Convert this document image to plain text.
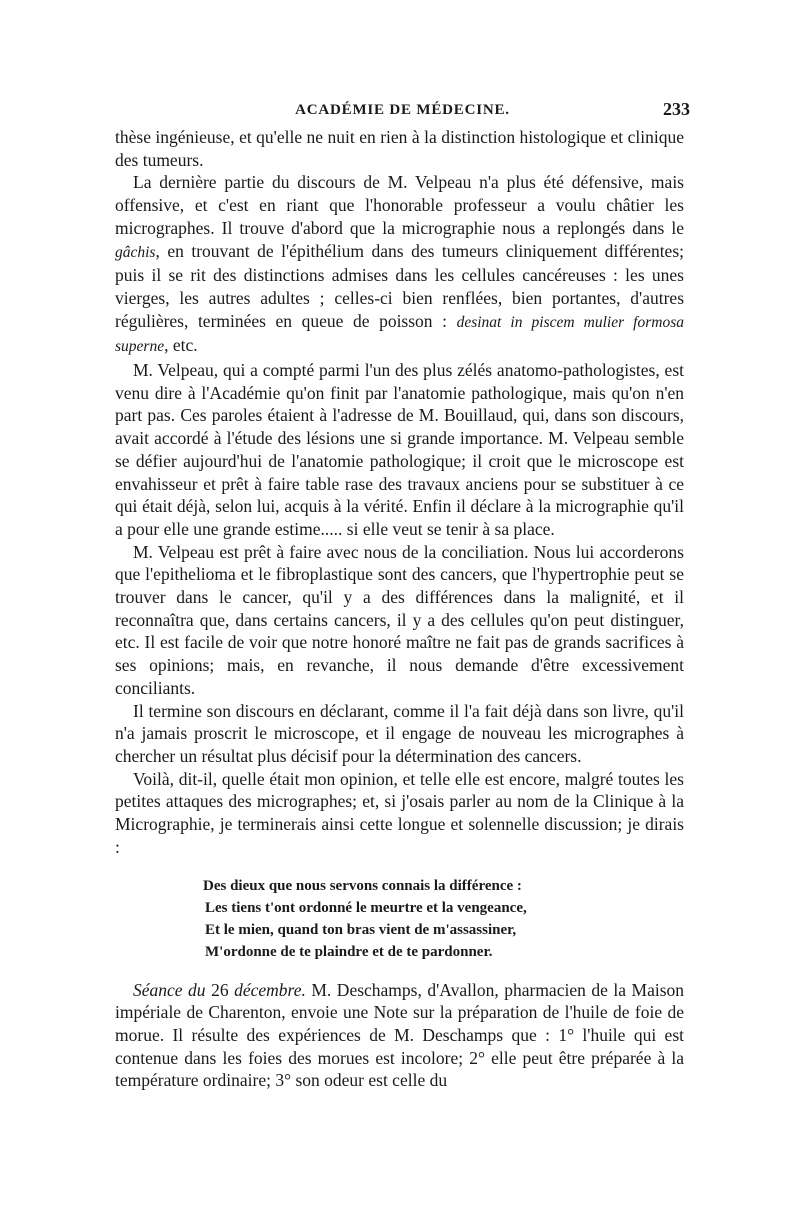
ACADÉMIE DE MÉDECINE.	233

thèse ingénieuse, et qu'elle ne nuit en rien à la distinction histologique et clinique des tumeurs.

La dernière partie du discours de M. Velpeau n'a plus été défensive, mais offensive, et c'est en riant que l'honorable professeur a voulu châtier les micrographes. Il trouve d'abord que la micrographie nous a replongés dans le gâchis, en trouvant de l'épithélium dans des tumeurs cliniquement différentes; puis il se rit des distinctions admises dans les cellules cancéreuses : les unes vierges, les autres adultes ; celles-ci bien renflées, bien portantes, d'autres régulières, terminées en queue de poisson : desinat in piscem mulier formosa superne, etc.

M. Velpeau, qui a compté parmi l'un des plus zélés anatomo-pathologistes, est venu dire à l'Académie qu'on finit par l'anatomie pathologique, mais qu'on n'en part pas. Ces paroles étaient à l'adresse de M. Bouillaud, qui, dans son discours, avait accordé à l'étude des lésions une si grande importance. M. Velpeau semble se défier aujourd'hui de l'anatomie pathologique; il croit que le microscope est envahisseur et prêt à faire table rase des travaux anciens pour se substituer à ce qui était déjà, selon lui, acquis à la vérité. Enfin il déclare à la micrographie qu'il a pour elle une grande estime..... si elle veut se tenir à sa place.

M. Velpeau est prêt à faire avec nous de la conciliation. Nous lui accorderons que l'epithelioma et le fibroplastique sont des cancers, que l'hypertrophie peut se trouver dans le cancer, qu'il y a des différences dans la malignité, et il reconnaîtra que, dans certains cancers, il y a des cellules qu'on peut distinguer, etc. Il est facile de voir que notre honoré maître ne fait pas de grands sacrifices à ses opinions; mais, en revanche, il nous demande d'être excessivement conciliants.

Il termine son discours en déclarant, comme il l'a fait déjà dans son livre, qu'il n'a jamais proscrit le microscope, et il engage de nouveau les micrographes à chercher un résultat plus décisif pour la détermination des cancers.

Voilà, dit-il, quelle était mon opinion, et telle elle est encore, malgré toutes les petites attaques des micrographes; et, si j'osais parler au nom de la Clinique à la Micrographie, je terminerais ainsi cette longue et solennelle discussion; je dirais :

Des dieux que nous servons connais la différence :
Les tiens t'ont ordonné le meurtre et la vengeance,
Et le mien, quand ton bras vient de m'assassiner,
M'ordonne de te plaindre et de te pardonner.

Séance du 26 décembre. M. Deschamps, d'Avallon, pharmacien de la Maison impériale de Charenton, envoie une Note sur la préparation de l'huile de foie de morue. Il résulte des expériences de M. Deschamps que : 1° l'huile qui est contenue dans les foies des morues est incolore; 2° elle peut être préparée à la température ordinaire; 3° son odeur est celle du
